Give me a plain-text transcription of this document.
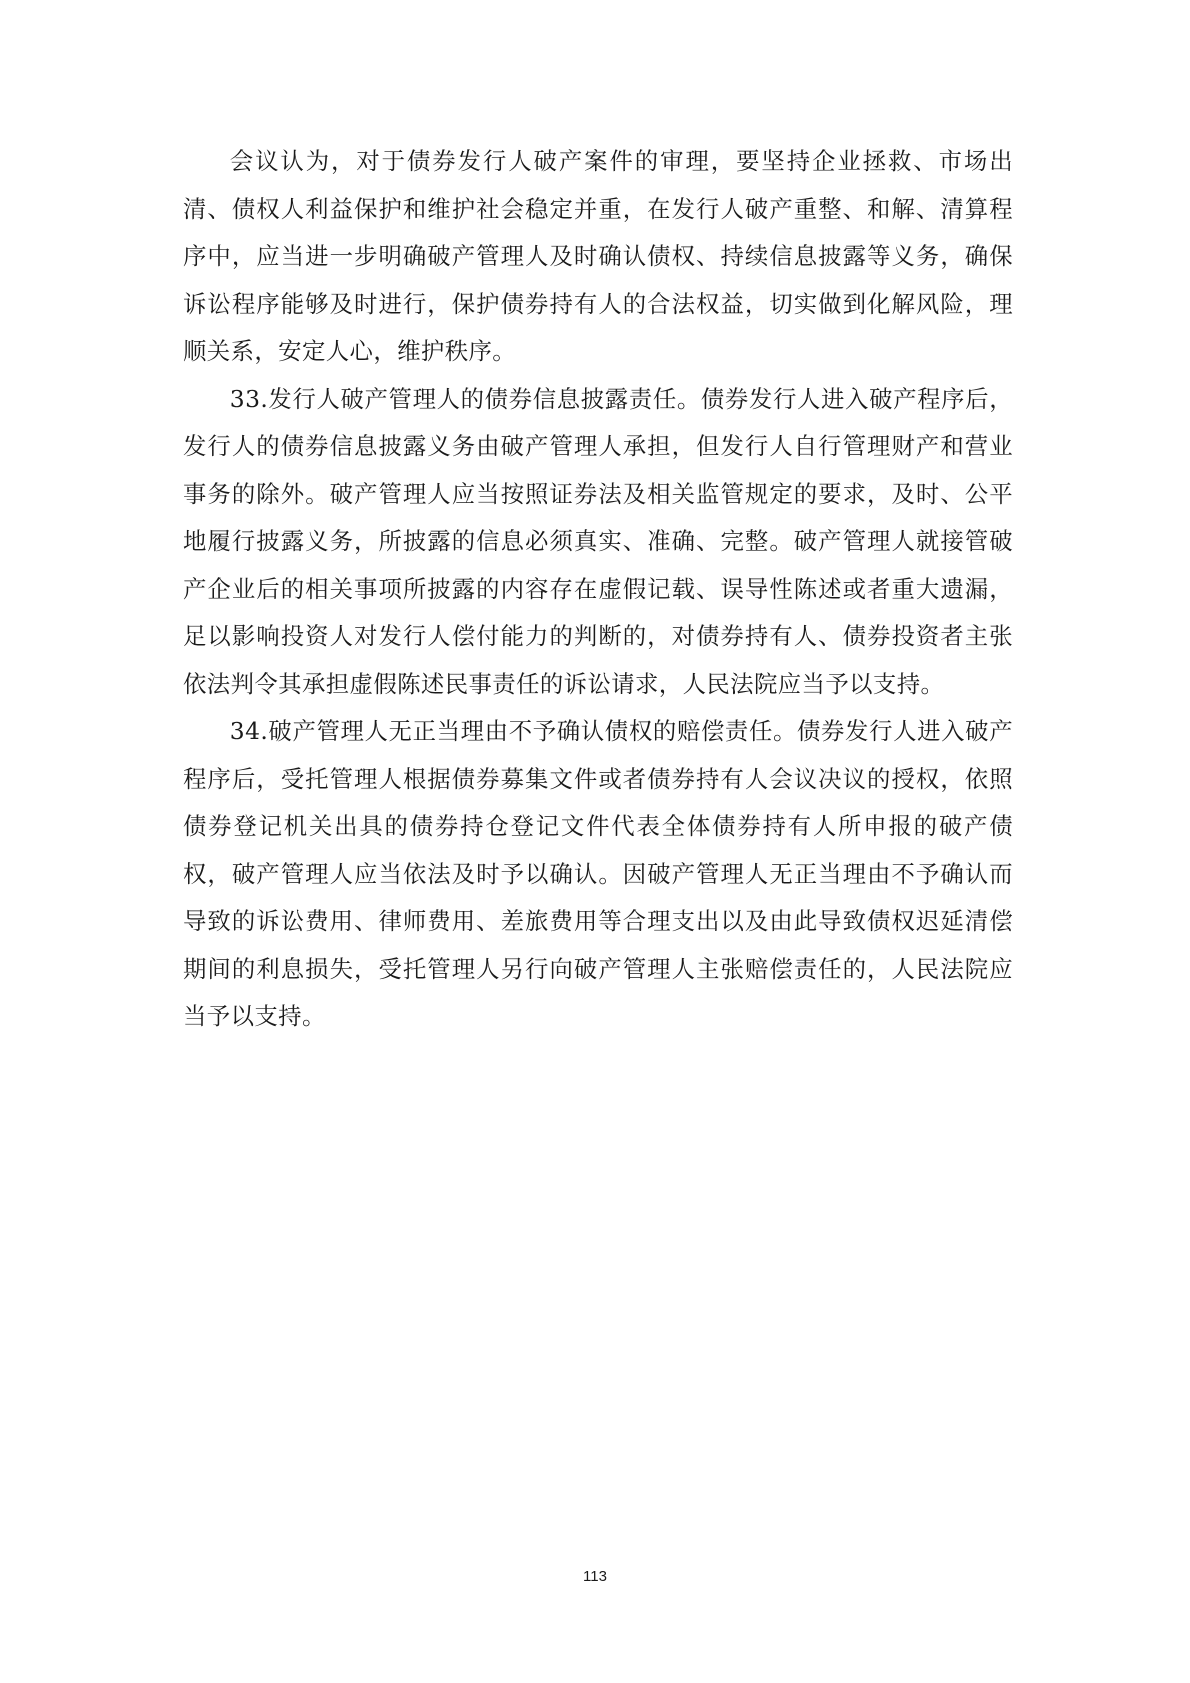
会议认为，对于债券发行人破产案件的审理，要坚持企业拯救、市场出清、债权人利益保护和维护社会稳定并重，在发行人破产重整、和解、清算程序中，应当进一步明确破产管理人及时确认债权、持续信息披露等义务，确保诉讼程序能够及时进行，保护债券持有人的合法权益，切实做到化解风险，理顺关系，安定人心，维护秩序。

33.发行人破产管理人的债券信息披露责任。债券发行人进入破产程序后，发行人的债券信息披露义务由破产管理人承担，但发行人自行管理财产和营业事务的除外。破产管理人应当按照证券法及相关监管规定的要求，及时、公平地履行披露义务，所披露的信息必须真实、准确、完整。破产管理人就接管破产企业后的相关事项所披露的内容存在虚假记载、误导性陈述或者重大遗漏，足以影响投资人对发行人偿付能力的判断的，对债券持有人、债券投资者主张依法判令其承担虚假陈述民事责任的诉讼请求，人民法院应当予以支持。

34.破产管理人无正当理由不予确认债权的赔偿责任。债券发行人进入破产程序后，受托管理人根据债券募集文件或者债券持有人会议决议的授权，依照债券登记机关出具的债券持仓登记文件代表全体债券持有人所申报的破产债权，破产管理人应当依法及时予以确认。因破产管理人无正当理由不予确认而导致的诉讼费用、律师费用、差旅费用等合理支出以及由此导致债权迟延清偿期间的利息损失，受托管理人另行向破产管理人主张赔偿责任的，人民法院应当予以支持。

113
